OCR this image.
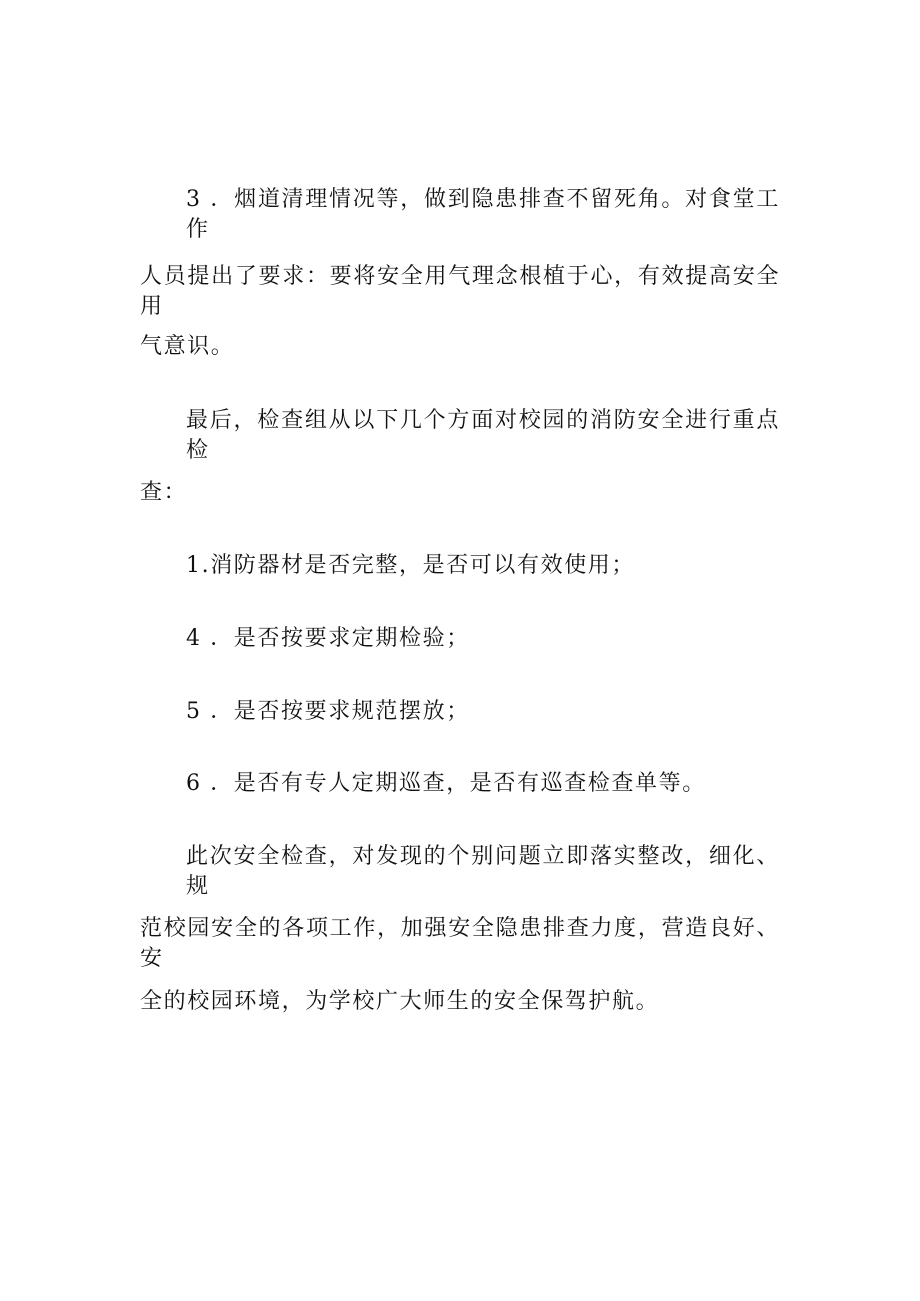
3 ．烟道清理情况等，做到隐患排查不留死角。对食堂工作
人员提出了要求：要将安全用气理念根植于心，有效提高安全用
气意识。
最后，检查组从以下几个方面对校园的消防安全进行重点检
查：
1.消防器材是否完整，是否可以有效使用；
4 ．是否按要求定期检验；
5 ．是否按要求规范摆放；
6 ．是否有专人定期巡查，是否有巡查检查单等。
此次安全检查，对发现的个别问题立即落实整改，细化、规
范校园安全的各项工作，加强安全隐患排查力度，营造良好、安
全的校园环境，为学校广大师生的安全保驾护航。
